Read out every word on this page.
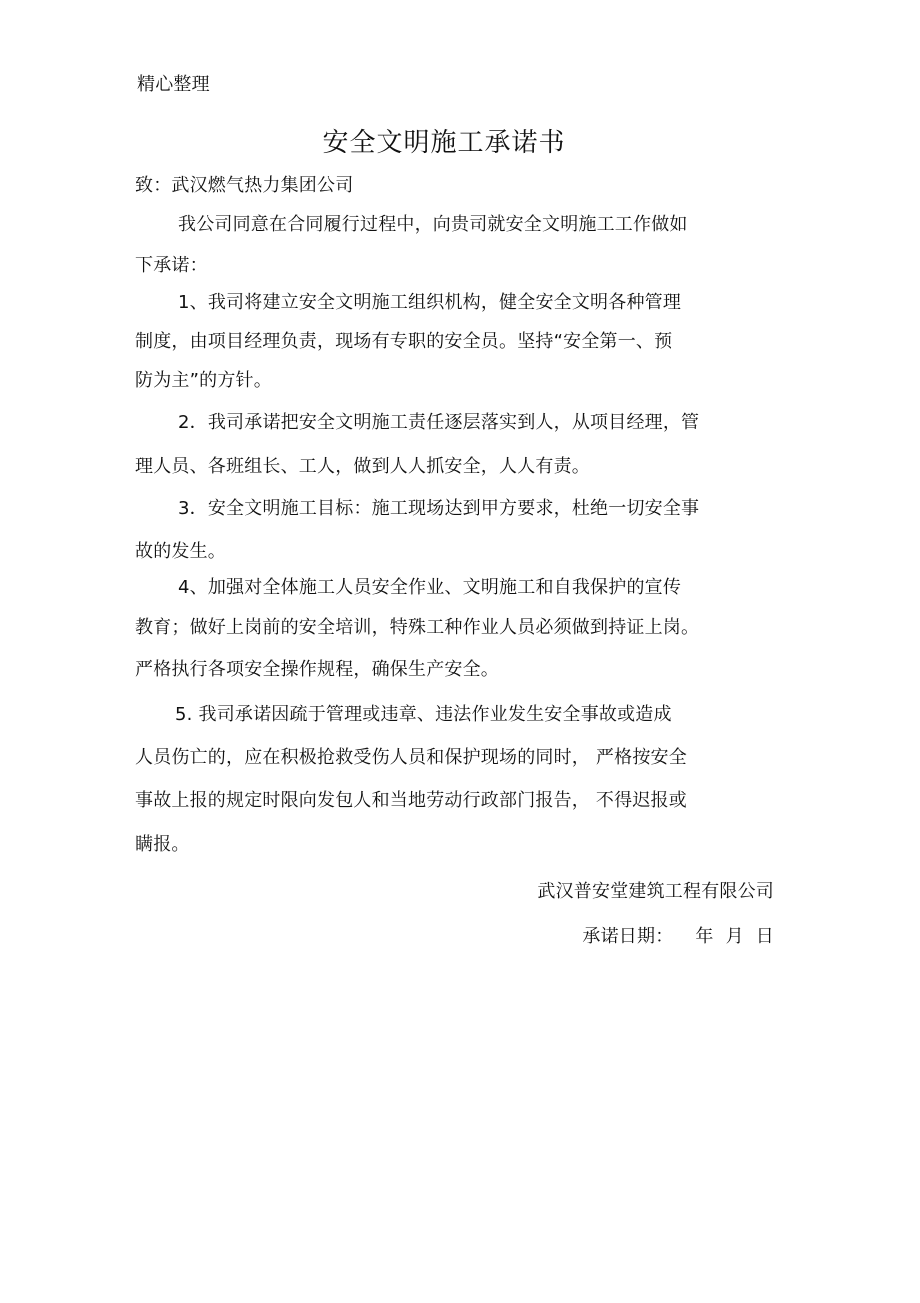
精心整理
安全文明施工承诺书
致：武汉燃气热力集团公司
我公司同意在合同履行过程中，向贵司就安全文明施工工作做如
下承诺：
1、我司将建立安全文明施工组织机构，健全安全文明各种管理
制度，由项目经理负责，现场有专职的安全员。坚持“安全第一、预
防为主”的方针。
2．我司承诺把安全文明施工责任逐层落实到人，从项目经理，管
理人员、各班组长、工人，做到人人抓安全，人人有责。
3．安全文明施工目标：施工现场达到甲方要求，杜绝一切安全事
故的发生。
4、加强对全体施工人员安全作业、文明施工和自我保护的宣传
教育；做好上岗前的安全培训，特殊工种作业人员必须做到持证上岗。
严格执行各项安全操作规程，确保生产安全。
5. 我司承诺因疏于管理或违章、违法作业发生安全事故或造成
人员伤亡的，应在积极抢救受伤人员和保护现场的同时， 严格按安全
事故上报的规定时限向发包人和当地劳动行政部门报告， 不得迟报或
瞒报。
武汉普安堂建筑工程有限公司
承诺日期： 年 月 日
